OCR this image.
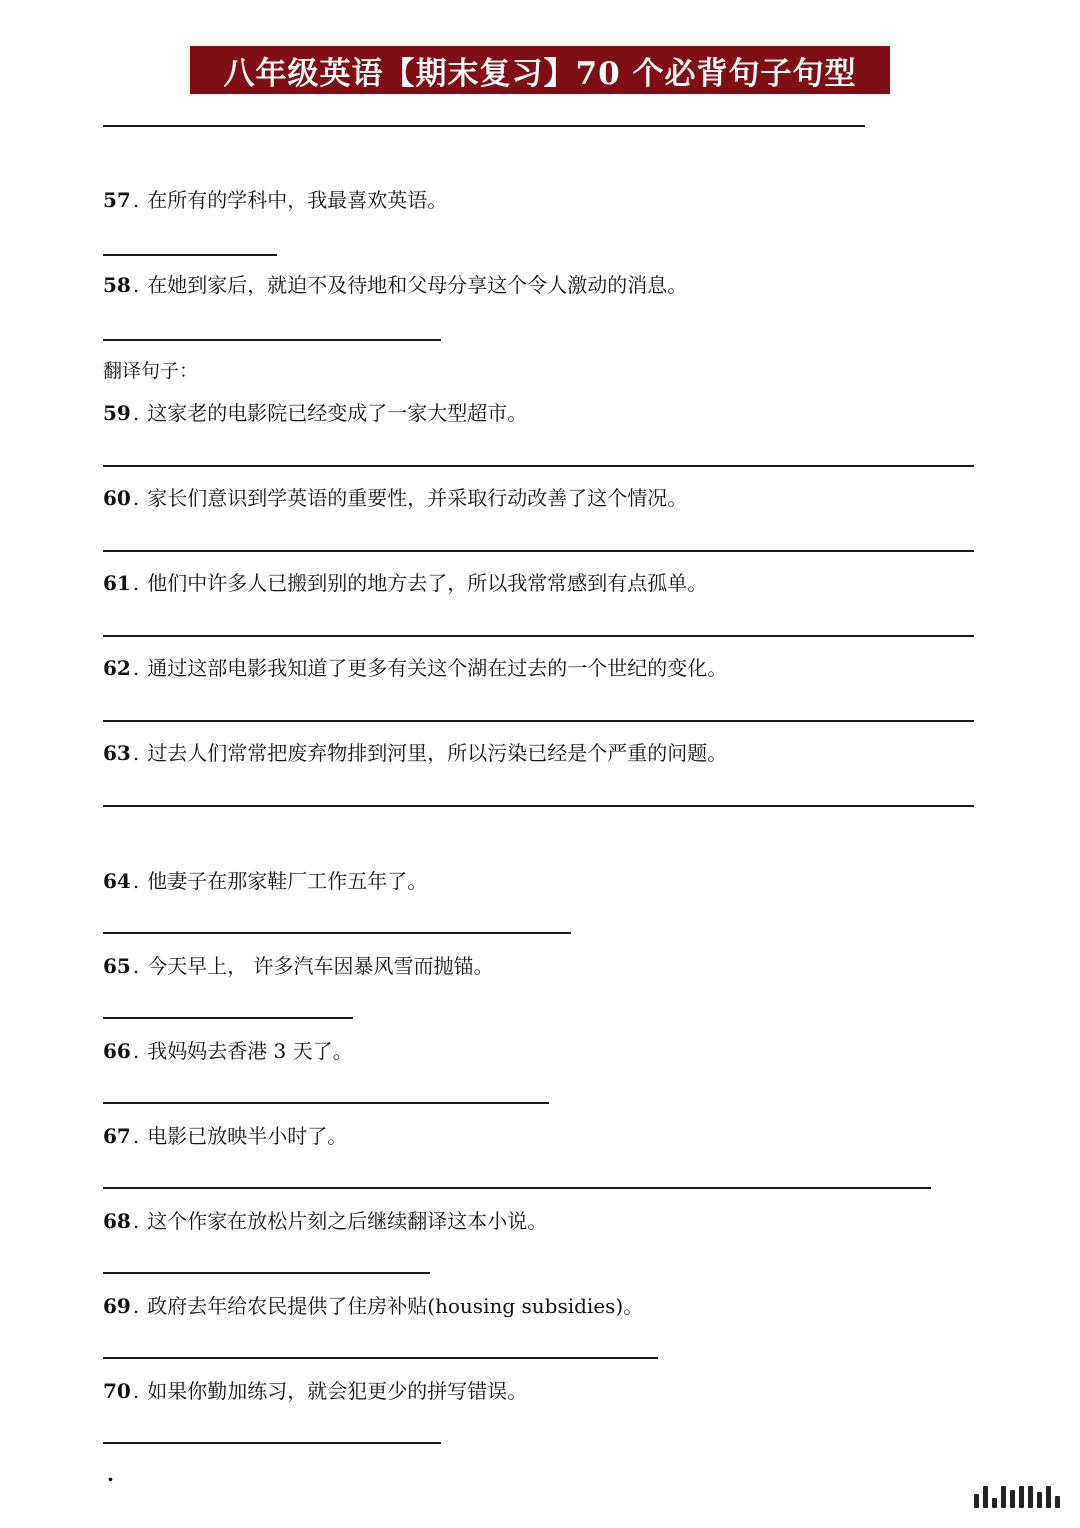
八年级英语【期末复习】70 个必背句子句型
57 . 在所有的学科中，我最喜欢英语。
58 . 在她到家后，就迫不及待地和父母分享这个令人激动的消息。
翻译句子：
59 . 这家老的电影院已经变成了一家大型超市。
60 . 家长们意识到学英语的重要性，并采取行动改善了这个情况。
61 . 他们中许多人已搬到别的地方去了，所以我常常感到有点孤单。
62 . 通过这部电影我知道了更多有关这个湖在过去的一个世纪的变化。
63 . 过去人们常常把废弃物排到河里，所以污染已经是个严重的问题。
64 . 他妻子在那家鞋厂工作五年了。
65 . 今天早上， 许多汽车因暴风雪而抛锚。
66 . 我妈妈去香港 3 天了。
67 . 电影已放映半小时了。
68 . 这个作家在放松片刻之后继续翻译这本小说。
69 . 政府去年给农民提供了住房补贴(housing subsidies)。
70 . 如果你勤加练习，就会犯更少的拼写错误。
.
